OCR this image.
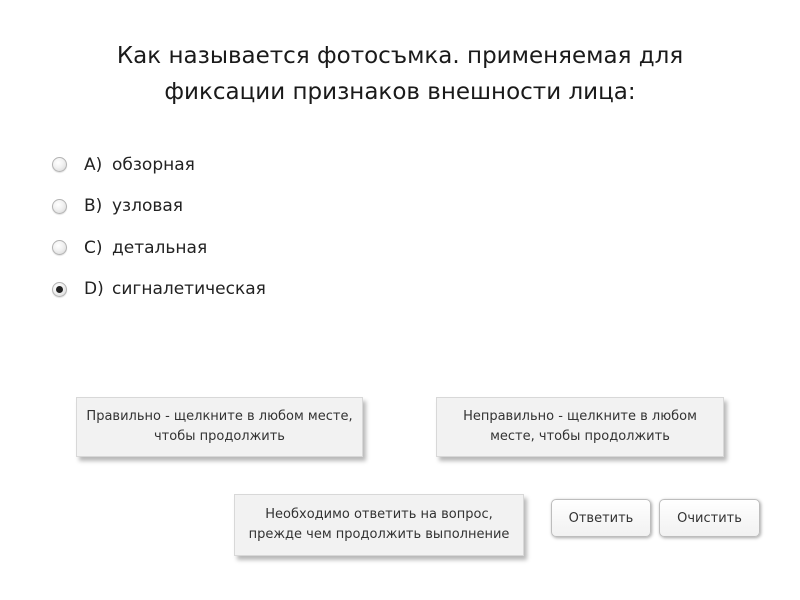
Как называется фотосъмка. применяемая для
фиксации признаков внешности лица:
A) обзорная
B) узловая
C) детальная
D) сигналетическая
Правильно - щелкните в любом месте,
чтобы продолжить
Неправильно - щелкните в любом
месте, чтобы продолжить
Необходимо ответить на вопрос,
прежде чем продолжить выполнение
Ответить	Очистить
